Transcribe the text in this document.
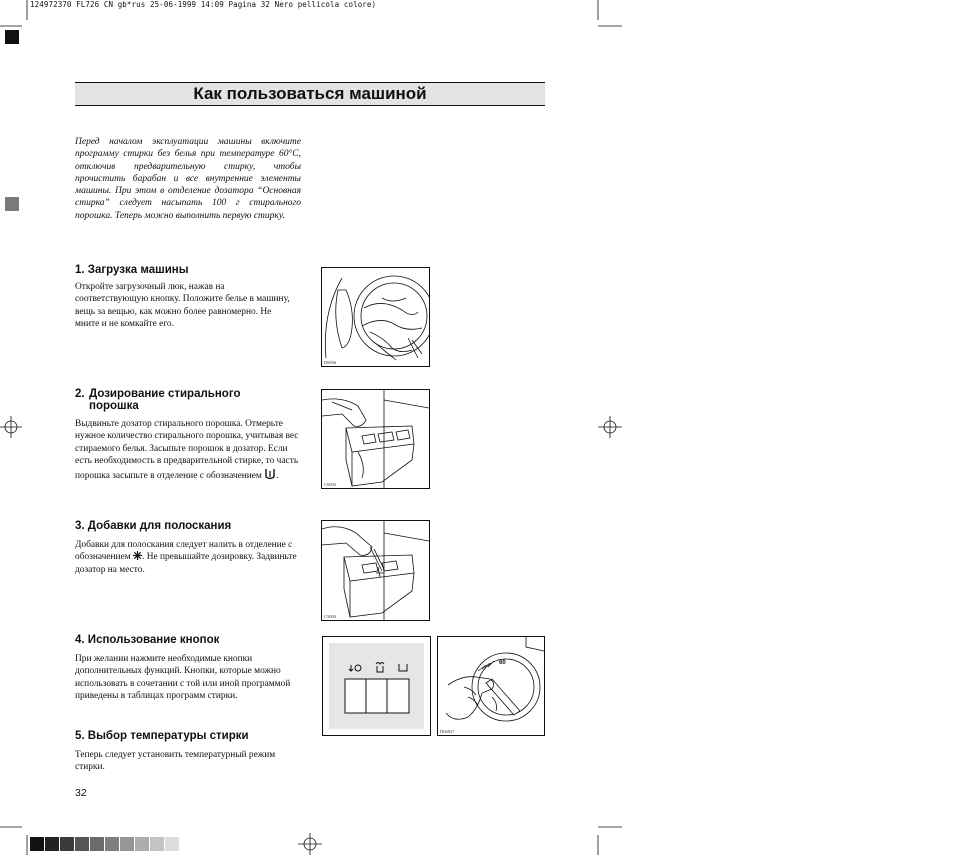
124972370 FL726 CN gb*rus 25-06-1999 14:09 Pagina 32 Nero pellicola colore)
Как пользоваться машиной
Перед началом эксплуатации машины включите программу стирки без белья при температуре 60°С, отключив предварительную стирку, чтобы прочистить барабан и все внутренние элементы машины. При этом в отделение дозатора “Основная стирка” следует насыпать 100 г стирального порошка. Теперь можно выполнить первую стирку.
1. Загрузка машины
Откройте загрузочный люк, нажав на соответствующую кнопку. Положите белье в машину, вещь за вещью, как можно более равномерно. Не мните и не комкайте его.
2. Дозирование стирального порошка
Выдвиньте дозатор стирального порошка. Отмерьте нужное количество стирального порошка, учитывая вес стираемого белья. Засыпьте порошок в дозатор. Если есть необходимость в предварительной стирке, то часть порошка засыпьте в отделение с обозначением .
3. Добавки для полоскания
Добавки для полоскания следует налить в отделение с обозначением . Не превышайте дозировку. Задвиньте дозатор на место.
4. Использование кнопок
При желании нажмите необходимые кнопки дополнительных функций. Кнопки, которые можно использовать в сочетании с той или иной программой приведены в таблицах программ стирки.
5. Выбор температуры стирки
Теперь следует установить температурный режим стирки.
32
D9036
C6003
C5004
60
D06027
